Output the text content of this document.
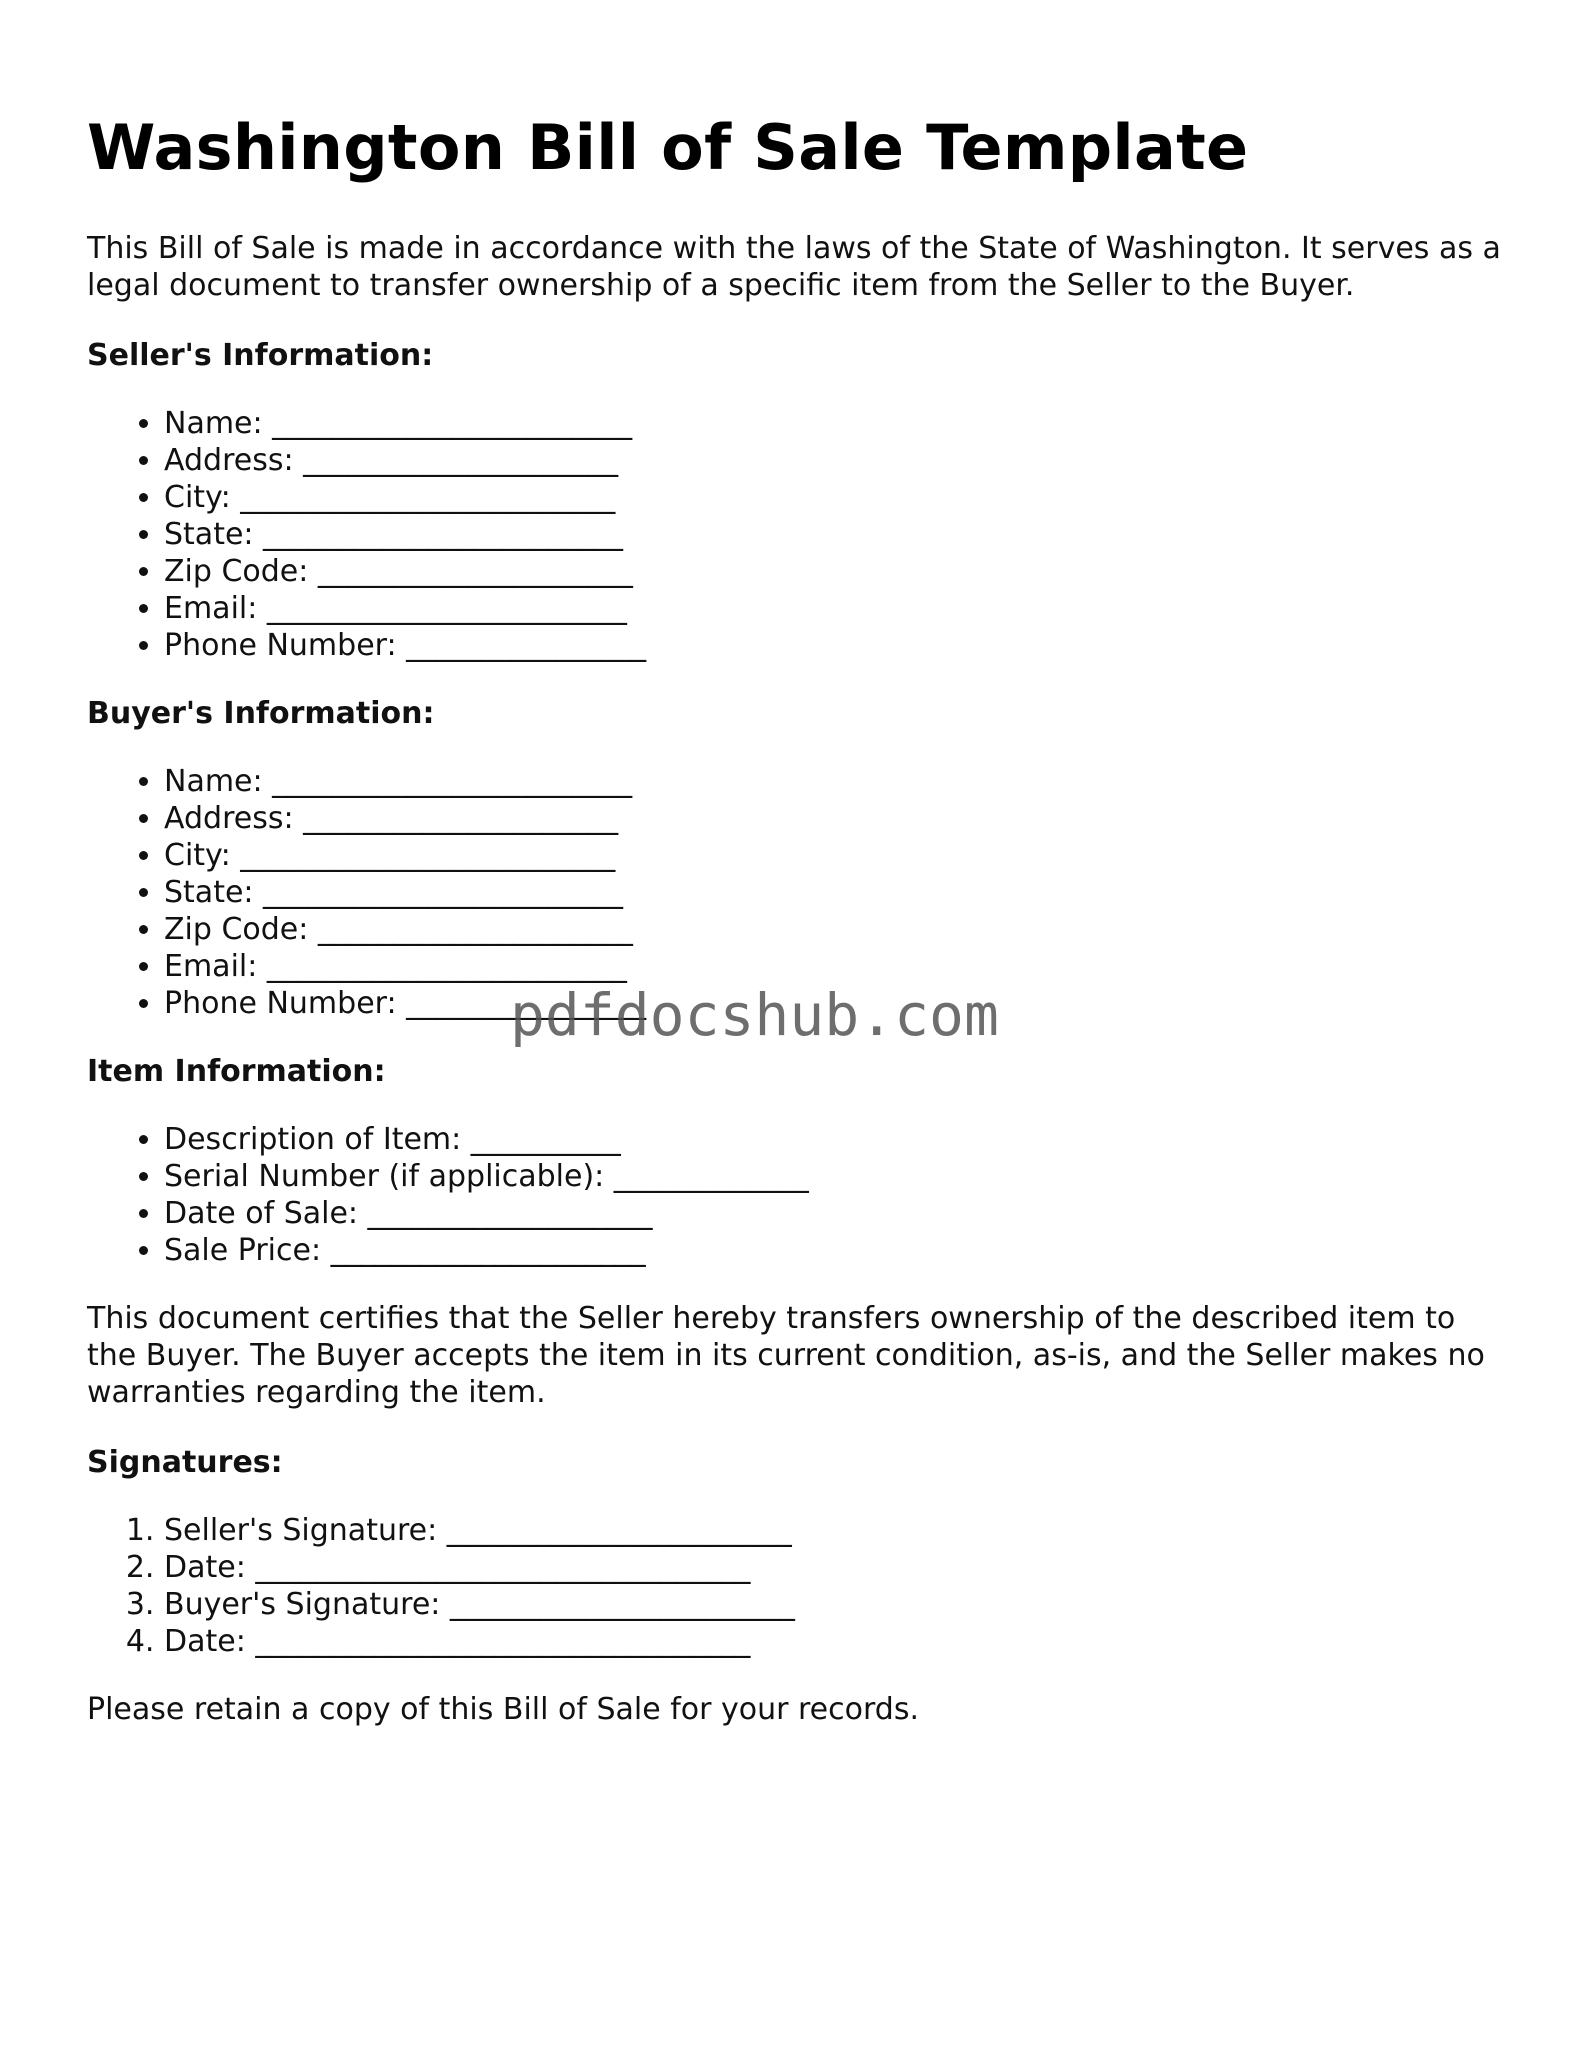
Washington Bill of Sale Template

This Bill of Sale is made in accordance with the laws of the State of Washington. It serves as a legal document to transfer ownership of a specific item from the Seller to the Buyer.

Seller's Information:
• Name: ________________________
• Address: _____________________
• City: _________________________
• State: ________________________
• Zip Code: _____________________
• Email: ________________________
• Phone Number: ________________
Buyer's Information:
• Name: ________________________
• Address: _____________________
• City: _________________________
• State: ________________________
• Zip Code: _____________________
• Email: ________________________
• Phone Number: ________________
Item Information:
• Description of Item: __________
• Serial Number (if applicable): _____________
• Date of Sale: ___________________
• Sale Price: _____________________

This document certifies that the Seller hereby transfers ownership of the described item to the Buyer. The Buyer accepts the item in its current condition, as-is, and the Seller makes no warranties regarding the item.

Signatures:
1. Seller's Signature: _______________________
2. Date: _________________________________
3. Buyer's Signature: _______________________
4. Date: _________________________________

Please retain a copy of this Bill of Sale for your records.

pdfdocshub.com
